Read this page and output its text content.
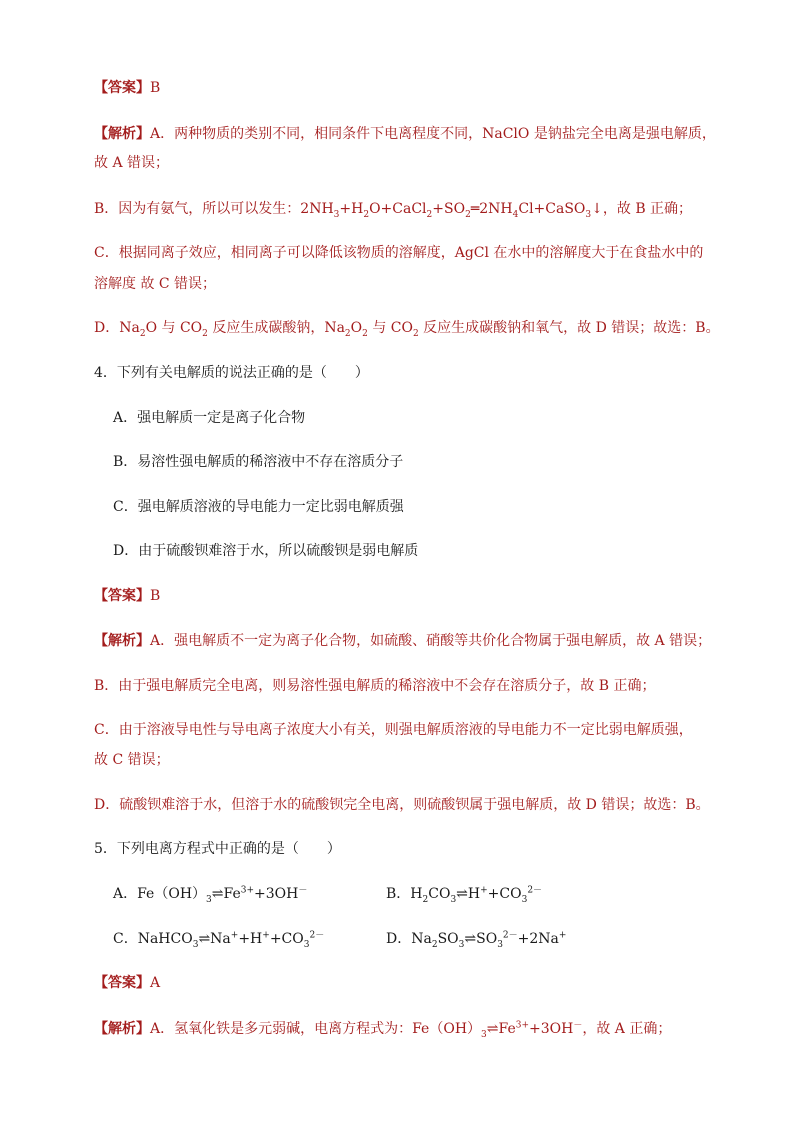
【答案】B
【解析】A．两种物质的类别不同，相同条件下电离程度不同，NaClO 是钠盐完全电离是强电解质，
故 A 错误；
B．因为有氨气，所以可以发生：$2NH_3+H_2O+CaCl_2+SO_2═2NH_4Cl+CaSO_3↓$，故 B 正确；
C．根据同离子效应，相同离子可以降低该物质的溶解度，AgCl 在水中的溶解度大于在食盐水中的
溶解度 故 C 错误；
D．$Na_2O$ 与 $CO_2$ 反应生成碳酸钠，$Na_2O_2$ 与 $CO_2$ 反应生成碳酸钠和氧气，故 D 错误；故选：B。
4．下列有关电解质的说法正确的是（　　）
A．强电解质一定是离子化合物
B．易溶性强电解质的稀溶液中不存在溶质分子
C．强电解质溶液的导电能力一定比弱电解质强
D．由于硫酸钡难溶于水，所以硫酸钡是弱电解质
【答案】B
【解析】A．强电解质不一定为离子化合物，如硫酸、硝酸等共价化合物属于强电解质，故 A 错误；
B．由于强电解质完全电离，则易溶性强电解质的稀溶液中不会存在溶质分子，故 B 正确；
C．由于溶液导电性与导电离子浓度大小有关，则强电解质溶液的导电能力不一定比弱电解质强，
故 C 错误；
D．硫酸钡难溶于水，但溶于水的硫酸钡完全电离，则硫酸钡属于强电解质，故 D 错误；故选：B。
5．下列电离方程式中正确的是（　　）
A．$Fe(OH)_3\rightleftharpoons Fe^{3+}+3OH^-$	B．$H_2CO_3\rightleftharpoons H^++CO_3^{2-}$
C．$NaHCO_3\rightleftharpoons Na^++H^++CO_3^{2-}$	D．$Na_2SO_3\rightleftharpoons SO_3^{2-}+2Na^+$
【答案】A
【解析】A．氢氧化铁是多元弱碱，电离方程式为：$Fe(OH)_3\rightleftharpoons Fe^{3+}+3OH^-$，故 A 正确；
